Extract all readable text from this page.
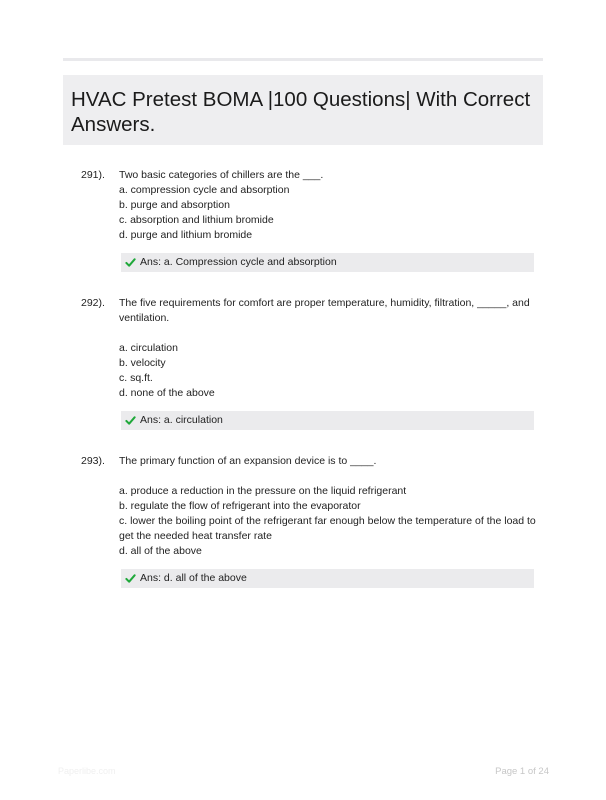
HVAC Pretest BOMA |100 Questions| With Correct Answers.
291).	Two basic categories of chillers are the ___.

a. compression cycle and absorption
b. purge and absorption
c. absorption and lithium bromide
d. purge and lithium bromide
Ans: a. Compression cycle and absorption
292).	The five requirements for comfort are proper temperature, humidity, filtration, _____, and ventilation.

a. circulation
b. velocity
c. sq.ft.
d. none of the above
Ans: a. circulation
293).	The primary function of an expansion device is to ____.

a. produce a reduction in the pressure on the liquid refrigerant
b. regulate the flow of refrigerant into the evaporator
c. lower the boiling point of the refrigerant far enough below the temperature of the load to get the needed heat transfer rate
d. all of the above
Ans: d. all of the above
Paperlibe.com	Page 1 of 24
